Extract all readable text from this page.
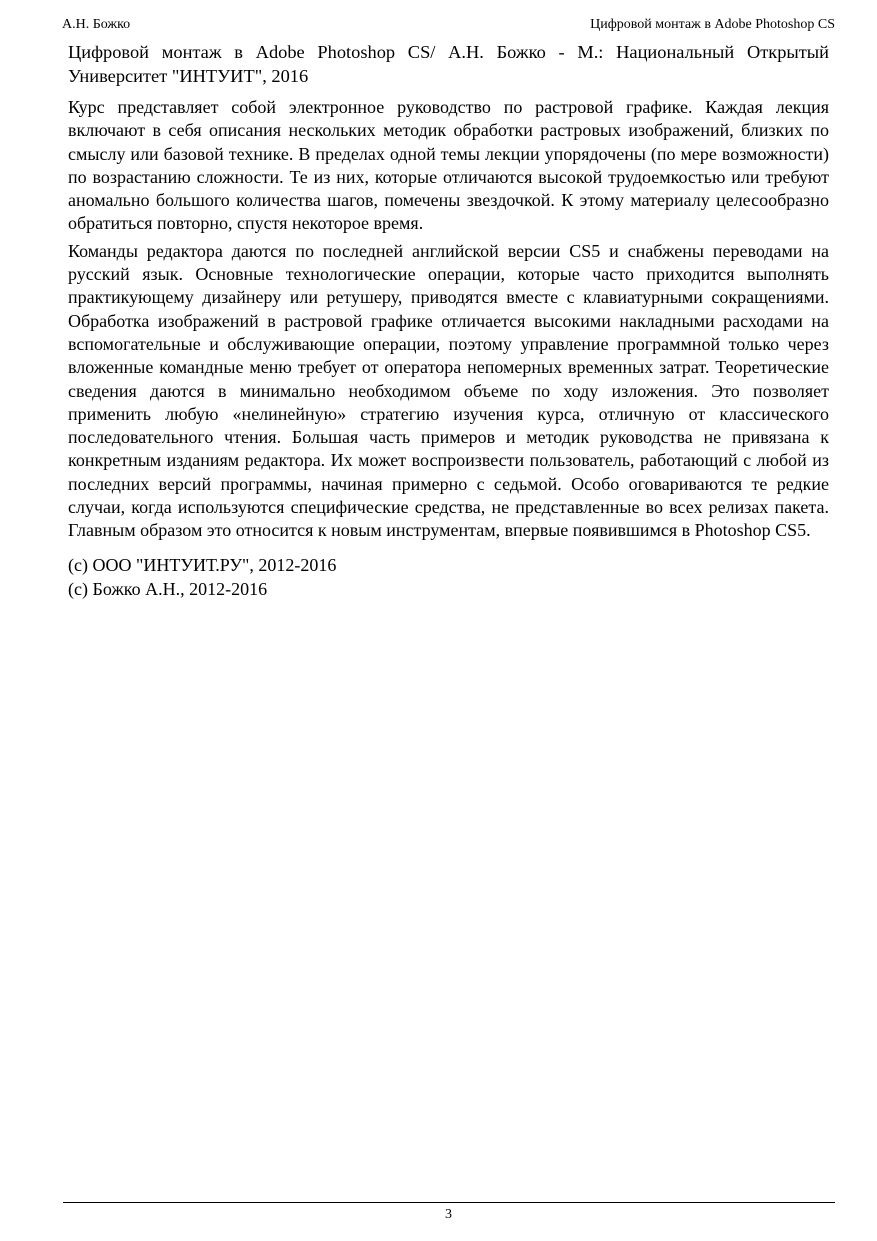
А.Н. Божко	Цифровой монтаж в Adobe Photoshop CS

Цифровой монтаж в Adobe Photoshop CS/ А.Н. Божко - М.: Национальный Открытый Университет "ИНТУИТ", 2016

Курс представляет собой электронное руководство по растровой графике. Каждая лекция включают в себя описания нескольких методик обработки растровых изображений, близких по смыслу или базовой технике. В пределах одной темы лекции упорядочены (по мере возможности) по возрастанию сложности. Те из них, которые отличаются высокой трудоемкостью или требуют аномально большого количества шагов, помечены звездочкой. К этому материалу целесообразно обратиться повторно, спустя некоторое время.

Команды редактора даются по последней английской версии CS5 и снабжены переводами на русский язык. Основные технологические операции, которые часто приходится выполнять практикующему дизайнеру или ретушеру, приводятся вместе с клавиатурными сокращениями. Обработка изображений в растровой графике отличается высокими накладными расходами на вспомогательные и обслуживающие операции, поэтому управление программной только через вложенные командные меню требует от оператора непомерных временных затрат. Теоретические сведения даются в минимально необходимом объеме по ходу изложения. Это позволяет применить любую «нелинейную» стратегию изучения курса, отличную от классического последовательного чтения. Большая часть примеров и методик руководства не привязана к конкретным изданиям редактора. Их может воспроизвести пользователь, работающий с любой из последних версий программы, начиная примерно с седьмой. Особо оговариваются те редкие случаи, когда используются специфические средства, не представленные во всех релизах пакета. Главным образом это относится к новым инструментам, впервые появившимся в Photoshop CS5.

(c) ООО "ИНТУИТ.РУ", 2012-2016
(c) Божко А.Н., 2012-2016
3
